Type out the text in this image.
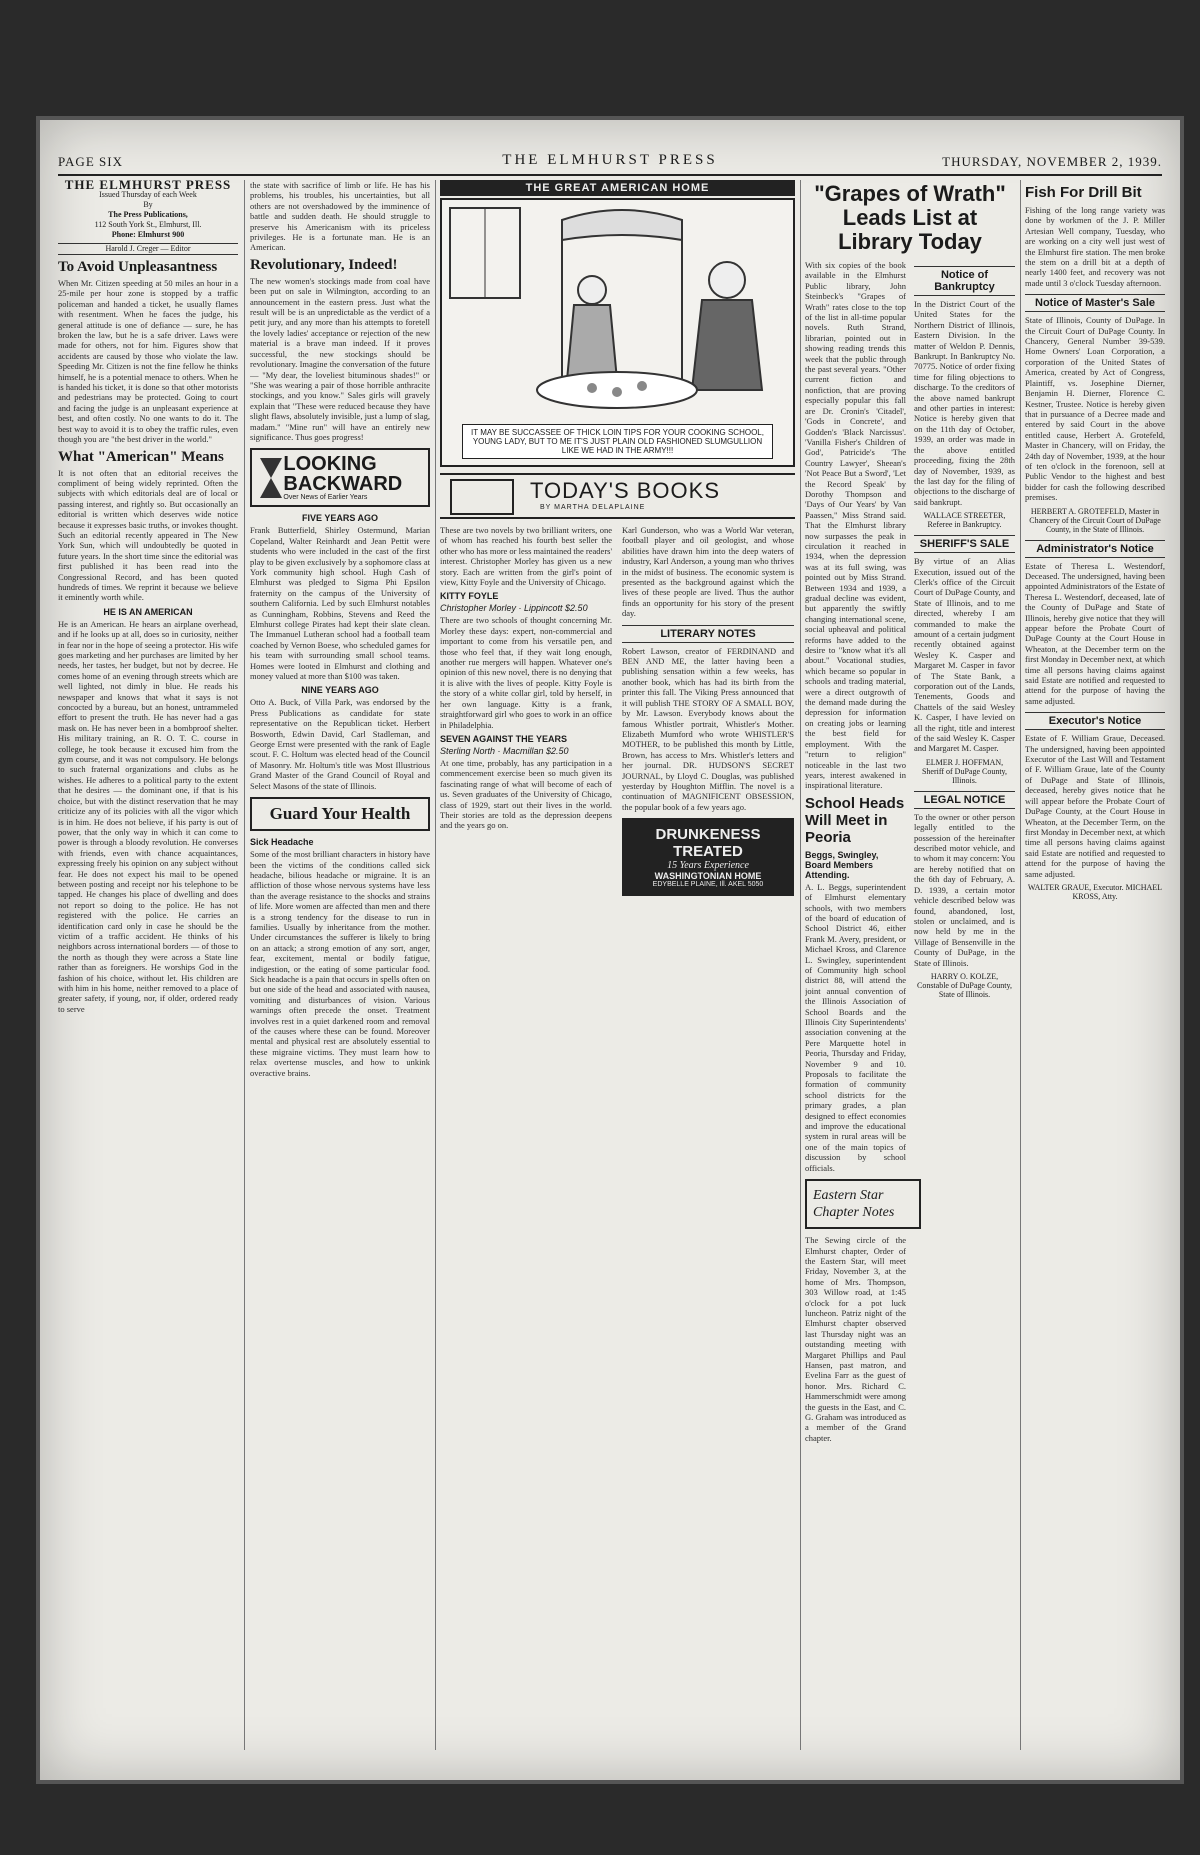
PAGE SIX	THE ELMHURST PRESS	THURSDAY, NOVEMBER 2, 1939.
THE ELMHURST PRESS
Issued Thursday of each Week
By
The Press Publications,
112 South York St., Elmhurst, Ill.
Phone: Elmhurst 900
Harold J. Creger — Editor
To Avoid Unpleasantness

When Mr. Citizen speeding at 50 miles an hour in a 25-mile per hour zone is stopped by a traffic policeman and handed a ticket, he usually flames with resentment. When he faces the judge, his general attitude is one of defiance — sure, he has broken the law, but he is a safe driver. Laws were made for others, not for him. Figures show that accidents are caused by those who violate the law. Speeding Mr. Citizen is not the fine fellow he thinks himself, he is a potential menace to others. When he is handed his ticket, it is done so that other motorists and pedestrians may be protected. Going to court and facing the judge is an unpleasant experience at best, and often costly. No one wants to do it. The best way to avoid it is to obey the traffic rules, even though you are "the best driver in the world."

What "American" Means

It is not often that an editorial receives the compliment of being widely reprinted. Often the subjects with which editorials deal are of local or passing interest, and rightly so. But occasionally an editorial is written which deserves wide notice because it expresses basic truths, or invokes thought. Such an editorial recently appeared in The New York Sun, which will undoubtedly be quoted in future years. In the short time since the editorial was first published it has been read into the Congressional Record, and has been quoted hundreds of times. We reprint it because we believe it eminently worth while.

HE IS AN AMERICAN

He is an American. He hears an airplane overhead, and if he looks up at all, does so in curiosity, neither in fear nor in the hope of seeing a protector. His wife goes marketing and her purchases are limited by her needs, her tastes, her budget, but not by decree. He comes home of an evening through streets which are well lighted, not dimly in blue. He reads his newspaper and knows that what it says is not concocted by a bureau, but an honest, untrammeled effort to present the truth. He has never had a gas mask on. He has never been in a bombproof shelter. His military training, an R. O. T. C. course in college, he took because it excused him from the gym course, and it was not compulsory. He belongs to such fraternal organizations and clubs as he wishes. He adheres to a political party to the extent that he desires — the dominant one, if that is his choice, but with the distinct reservation that he may criticize any of its policies with all the vigor which is in him. He does not believe, if his party is out of power, that the only way in which it can come to power is through a bloody revolution. He converses with friends, even with chance acquaintances, expressing freely his opinion on any subject without fear. He does not expect his mail to be opened between posting and receipt nor his telephone to be tapped. He changes his place of dwelling and does not report so doing to the police. He has not registered with the police. He carries an identification card only in case he should be the victim of a traffic accident. He thinks of his neighbors across international borders — of those to the north as though they were across a State line rather than as foreigners. He worships God in the fashion of his choice, without let. His children are with him in his home, neither removed to a place of greater safety, if young, nor, if older, ordered ready to serve

the state with sacrifice of limb or life. He has his problems, his troubles, his uncertainties, but all others are not overshadowed by the imminence of battle and sudden death. He should struggle to preserve his Americanism with its priceless privileges. He is a fortunate man. He is an American.

Revolutionary, Indeed!

The new women's stockings made from coal have been put on sale in Wilmington, according to an announcement in the eastern press. Just what the result will be is an unpredictable as the verdict of a petit jury, and any more than his attempts to foretell the lovely ladies' acceptance or rejection of the new material is a brave man indeed. If it proves successful, the new stockings should be revolutionary. Imagine the conversation of the future — "My dear, the loveliest bituminous shades!" or "She was wearing a pair of those horrible anthracite stockings, and you know." Sales girls will gravely explain that "These were reduced because they have slight flaws, absolutely invisible, just a lump of slag, madam." "Mine run" will have an entirely new significance. Thus goes progress!

LOOKING BACKWARD
Over News of Earlier Years
FIVE YEARS AGO

Frank Butterfield, Shirley Ostermund, Marian Copeland, Walter Reinhardt and Jean Pettit were students who were included in the cast of the first play to be given exclusively by a sophomore class at York community high school. Hugh Cash of Elmhurst was pledged to Sigma Phi Epsilon fraternity on the campus of the University of southern California. Led by such Elmhurst notables as Cunningham, Robbins, Stevens and Reed the Elmhurst college Pirates had kept their slate clean. The Immanuel Lutheran school had a football team coached by Vernon Boese, who scheduled games for his team with surrounding small school teams. Homes were looted in Elmhurst and clothing and money valued at more than $100 was taken.

NINE YEARS AGO

Otto A. Buck, of Villa Park, was endorsed by the Press Publications as candidate for state representative on the Republican ticket. Herbert Bosworth, Edwin David, Carl Stadleman, and George Ernst were presented with the rank of Eagle scout. F. C. Holtum was elected head of the Council of Masonry. Mr. Holtum's title was Most Illustrious Grand Master of the Grand Council of Royal and Select Masons of the state of Illinois.

Guard Your Health
Sick Headache

Some of the most brilliant characters in history have been the victims of the conditions called sick headache, bilious headache or migraine. It is an affliction of those whose nervous systems have less than the average resistance to the shocks and strains of life. More women are affected than men and there is a strong tendency for the disease to run in families. Usually by inheritance from the mother. Under circumstances the sufferer is likely to bring on an attack; a strong emotion of any sort, anger, fear, excitement, mental or bodily fatigue, indigestion, or the eating of some particular food. Sick headache is a pain that occurs in spells often on but one side of the head and associated with nausea, vomiting and disturbances of vision. Various warnings often precede the onset. Treatment involves rest in a quiet darkened room and removal of the causes where these can be found. Moreover mental and physical rest are absolutely essential to these migraine victims. They must learn how to relax overtense muscles, and how to unkink overactive brains.

THE GREAT AMERICAN HOME
IT MAY BE SUCCASSEE OF THICK LOIN TIPS FOR YOUR COOKING SCHOOL, YOUNG LADY, BUT TO ME IT'S JUST PLAIN OLD FASHIONED SLUMGULLION LIKE WE HAD IN THE ARMY!!!
TODAY'S BOOKS
BY MARTHA DELAPLAINE

These are two novels by two brilliant writers, one of whom has reached his fourth best seller the other who has more or less maintained the readers' interest. Christopher Morley has given us a new story. Each are written from the girl's point of view, Kitty Foyle and the University of Chicago.

KITTY FOYLE
Christopher Morley · Lippincott $2.50

There are two schools of thought concerning Mr. Morley these days: expert, non-commercial and important to come from his versatile pen, and those who feel that, if they wait long enough, another rue mergers will happen. Whatever one's opinion of this new novel, there is no denying that it is alive with the lives of people. Kitty Foyle is the story of a white collar girl, told by herself, in her own language. Kitty is a frank, straightforward girl who goes to work in an office in Philadelphia.

SEVEN AGAINST THE YEARS
Sterling North · Macmillan $2.50

At one time, probably, has any participation in a commencement exercise been so much given its fascinating range of what will become of each of us. Seven graduates of the University of Chicago, class of 1929, start out their lives in the world. Their stories are told as the depression deepens and the years go on.

Karl Gunderson, who was a World War veteran, football player and oil geologist, and whose abilities have drawn him into the deep waters of industry, Karl Anderson, a young man who thrives in the midst of business. The economic system is presented as the background against which the lives of these people are lived. Thus the author finds an opportunity for his story of the present day.

LITERARY NOTES

Robert Lawson, creator of FERDINAND and BEN AND ME, the latter having been a publishing sensation within a few weeks, has another book, which has had its birth from the printer this fall. The Viking Press announced that it will publish THE STORY OF A SMALL BOY, by Mr. Lawson. Everybody knows about the famous Whistler portrait, Whistler's Mother. Elizabeth Mumford who wrote WHISTLER'S MOTHER, to be published this month by Little, Brown, has access to Mrs. Whistler's letters and her journal. DR. HUDSON'S SECRET JOURNAL, by Lloyd C. Douglas, was published yesterday by Houghton Mifflin. The novel is a continuation of MAGNIFICENT OBSESSION, the popular book of a few years ago.

DRUNKENESS TREATED
15 Years Experience
WASHINGTONIAN HOME
EDYBELLE PLAINE, Ill. AKEL 5050
"Grapes of Wrath" Leads List at Library Today

With six copies of the book available in the Elmhurst Public library, John Steinbeck's "Grapes of Wrath" rates close to the top of the list in all-time popular novels. Ruth Strand, librarian, pointed out in showing reading trends this week that the public through the past several years. "Other current fiction and nonfiction, that are proving especially popular this fall are Dr. Cronin's 'Citadel', 'Gods in Concrete', and Godden's 'Black Narcissus'. 'Vanilla Fisher's Children of God', Patricide's 'The Country Lawyer', Sheean's 'Not Peace But a Sword', 'Let the Record Speak' by Dorothy Thompson and 'Days of Our Years' by Van Paassen," Miss Strand said. That the Elmhurst library now surpasses the peak in circulation it reached in 1934, when the depression was at its full swing, was pointed out by Miss Strand. Between 1934 and 1939, a gradual decline was evident, but apparently the swiftly changing international scene, social upheaval and political reforms have added to the desire to "know what it's all about." Vocational studies, which became so popular in schools and trading material, were a direct outgrowth of the demand made during the depression for information on creating jobs or learning the best field for employment. With the "return to religion" noticeable in the last two years, interest awakened in inspirational literature.

School Heads Will Meet in Peoria
Beggs, Swingley, Board Members Attending.

A. L. Beggs, superintendent of Elmhurst elementary schools, with two members of the board of education of School District 46, either Frank M. Avery, president, or Michael Kross, and Clarence L. Swingley, superintendent of Community high school district 88, will attend the joint annual convention of the Illinois Association of School Boards and the Illinois City Superintendents' association convening at the Pere Marquette hotel in Peoria, Thursday and Friday, November 9 and 10. Proposals to facilitate the formation of community school districts for the primary grades, a plan designed to effect economies and improve the educational system in rural areas will be one of the main topics of discussion by school officials.

Eastern Star Chapter Notes

The Sewing circle of the Elmhurst chapter, Order of the Eastern Star, will meet Friday, November 3, at the home of Mrs. Thompson, 303 Willow road, at 1:45 o'clock for a pot luck luncheon. Patriz night of the Elmhurst chapter observed last Thursday night was an outstanding meeting with Margaret Phillips and Paul Hansen, past matron, and Evelina Farr as the guest of honor. Mrs. Richard C. Hammerschmidt were among the guests in the East, and C. G. Graham was introduced as a member of the Grand chapter.

Notice of Bankruptcy

In the District Court of the United States for the Northern District of Illinois, Eastern Division. In the matter of Weldon P. Dennis, Bankrupt. In Bankruptcy No. 70775. Notice of order fixing time for filing objections to discharge. To the creditors of the above named bankrupt and other parties in interest: Notice is hereby given that on the 11th day of October, 1939, an order was made in the above entitled proceeding, fixing the 28th day of November, 1939, as the last day for the filing of objections to the discharge of said bankrupt.

WALLACE STREETER, Referee in Bankruptcy.
SHERIFF'S SALE

By virtue of an Alias Execution, issued out of the Clerk's office of the Circuit Court of DuPage County, and State of Illinois, and to me directed, whereby I am commanded to make the amount of a certain judgment recently obtained against Wesley K. Casper and Margaret M. Casper in favor of The State Bank, a corporation out of the Lands, Tenements, Goods and Chattels of the said Wesley K. Casper, I have levied on all the right, title and interest of the said Wesley K. Casper and Margaret M. Casper.

ELMER J. HOFFMAN, Sheriff of DuPage County, Illinois.
LEGAL NOTICE

To the owner or other person legally entitled to the possession of the hereinafter described motor vehicle, and to whom it may concern: You are hereby notified that on the 6th day of February, A. D. 1939, a certain motor vehicle described below was found, abandoned, lost, stolen or unclaimed, and is now held by me in the Village of Bensenville in the County of DuPage, in the State of Illinois.

HARRY O. KOLZE, Constable of DuPage County, State of Illinois.
Fish For Drill Bit

Fishing of the long range variety was done by workmen of the J. P. Miller Artesian Well company, Tuesday, who are working on a city well just west of the Elmhurst fire station. The men broke the stem on a drill bit at a depth of nearly 1400 feet, and recovery was not made until 3 o'clock Tuesday afternoon.

Notice of Master's Sale

State of Illinois, County of DuPage. In the Circuit Court of DuPage County. In Chancery, General Number 39-539. Home Owners' Loan Corporation, a corporation of the United States of America, created by Act of Congress, Plaintiff, vs. Josephine Dierner, Benjamin H. Dierner, Florence C. Kestner, Trustee. Notice is hereby given that in pursuance of a Decree made and entered by said Court in the above entitled cause, Herbert A. Grotefeld, Master in Chancery, will on Friday, the 24th day of November, 1939, at the hour of ten o'clock in the forenoon, sell at Public Vendor to the highest and best bidder for cash the following described premises.

HERBERT A. GROTEFELD, Master in Chancery of the Circuit Court of DuPage County, in the State of Illinois.
Administrator's Notice

Estate of Theresa L. Westendorf, Deceased. The undersigned, having been appointed Administrators of the Estate of Theresa L. Westendorf, deceased, late of the County of DuPage and State of Illinois, hereby give notice that they will appear before the Probate Court of DuPage County at the Court House in Wheaton, at the December term on the first Monday in December next, at which time all persons having claims against said Estate are notified and requested to attend for the purpose of having the same adjusted.

Executor's Notice

Estate of F. William Graue, Deceased. The undersigned, having been appointed Executor of the Last Will and Testament of F. William Graue, late of the County of DuPage and State of Illinois, deceased, hereby gives notice that he will appear before the Probate Court of DuPage County, at the Court House in Wheaton, at the December Term, on the first Monday in December next, at which time all persons having claims against said Estate are notified and requested to attend for the purpose of having the same adjusted.

WALTER GRAUE, Executor. MICHAEL KROSS, Atty.
